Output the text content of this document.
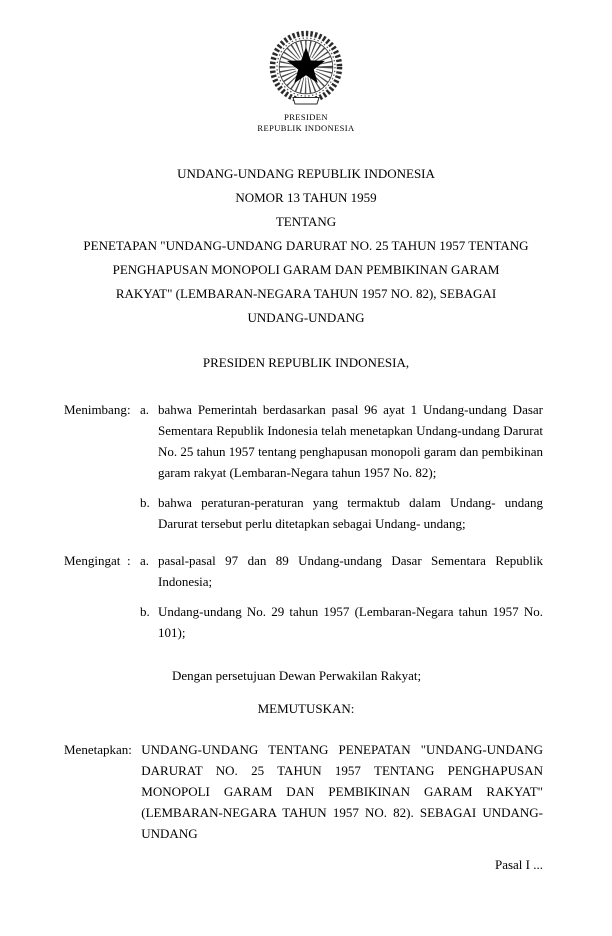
PRESIDEN
REPUBLIK INDONESIA
UNDANG-UNDANG REPUBLIK INDONESIA
NOMOR 13 TAHUN 1959
TENTANG
PENETAPAN "UNDANG-UNDANG DARURAT NO. 25 TAHUN 1957 TENTANG
PENGHAPUSAN MONOPOLI GARAM DAN PEMBIKINAN GARAM
RAKYAT" (LEMBARAN-NEGARA TAHUN 1957 NO. 82), SEBAGAI
UNDANG-UNDANG
PRESIDEN REPUBLIK INDONESIA,
Menimbang : a. bahwa Pemerintah berdasarkan pasal 96 ayat 1 Undang-undang Dasar Sementara Republik Indonesia telah menetapkan Undang-undang Darurat No. 25 tahun 1957 tentang penghapusan monopoli garam dan pembikinan garam rakyat (Lembaran-Negara tahun 1957 No. 82);
b. bahwa peraturan-peraturan yang termaktub dalam Undang- undang Darurat tersebut perlu ditetapkan sebagai Undang- undang;
Mengingat : a. pasal-pasal 97 dan 89 Undang-undang Dasar Sementara Republik Indonesia;
b. Undang-undang No. 29 tahun 1957 (Lembaran-Negara tahun 1957 No. 101);
Dengan persetujuan Dewan Perwakilan Rakyat;
MEMUTUSKAN:
Menetapkan : UNDANG-UNDANG TENTANG PENEPATAN "UNDANG-UNDANG DARURAT NO. 25 TAHUN 1957 TENTANG PENGHAPUSAN MONOPOLI GARAM DAN PEMBIKINAN GARAM RAKYAT" (LEMBARAN-NEGARA TAHUN 1957 NO. 82). SEBAGAI UNDANG-UNDANG
Pasal I ...
